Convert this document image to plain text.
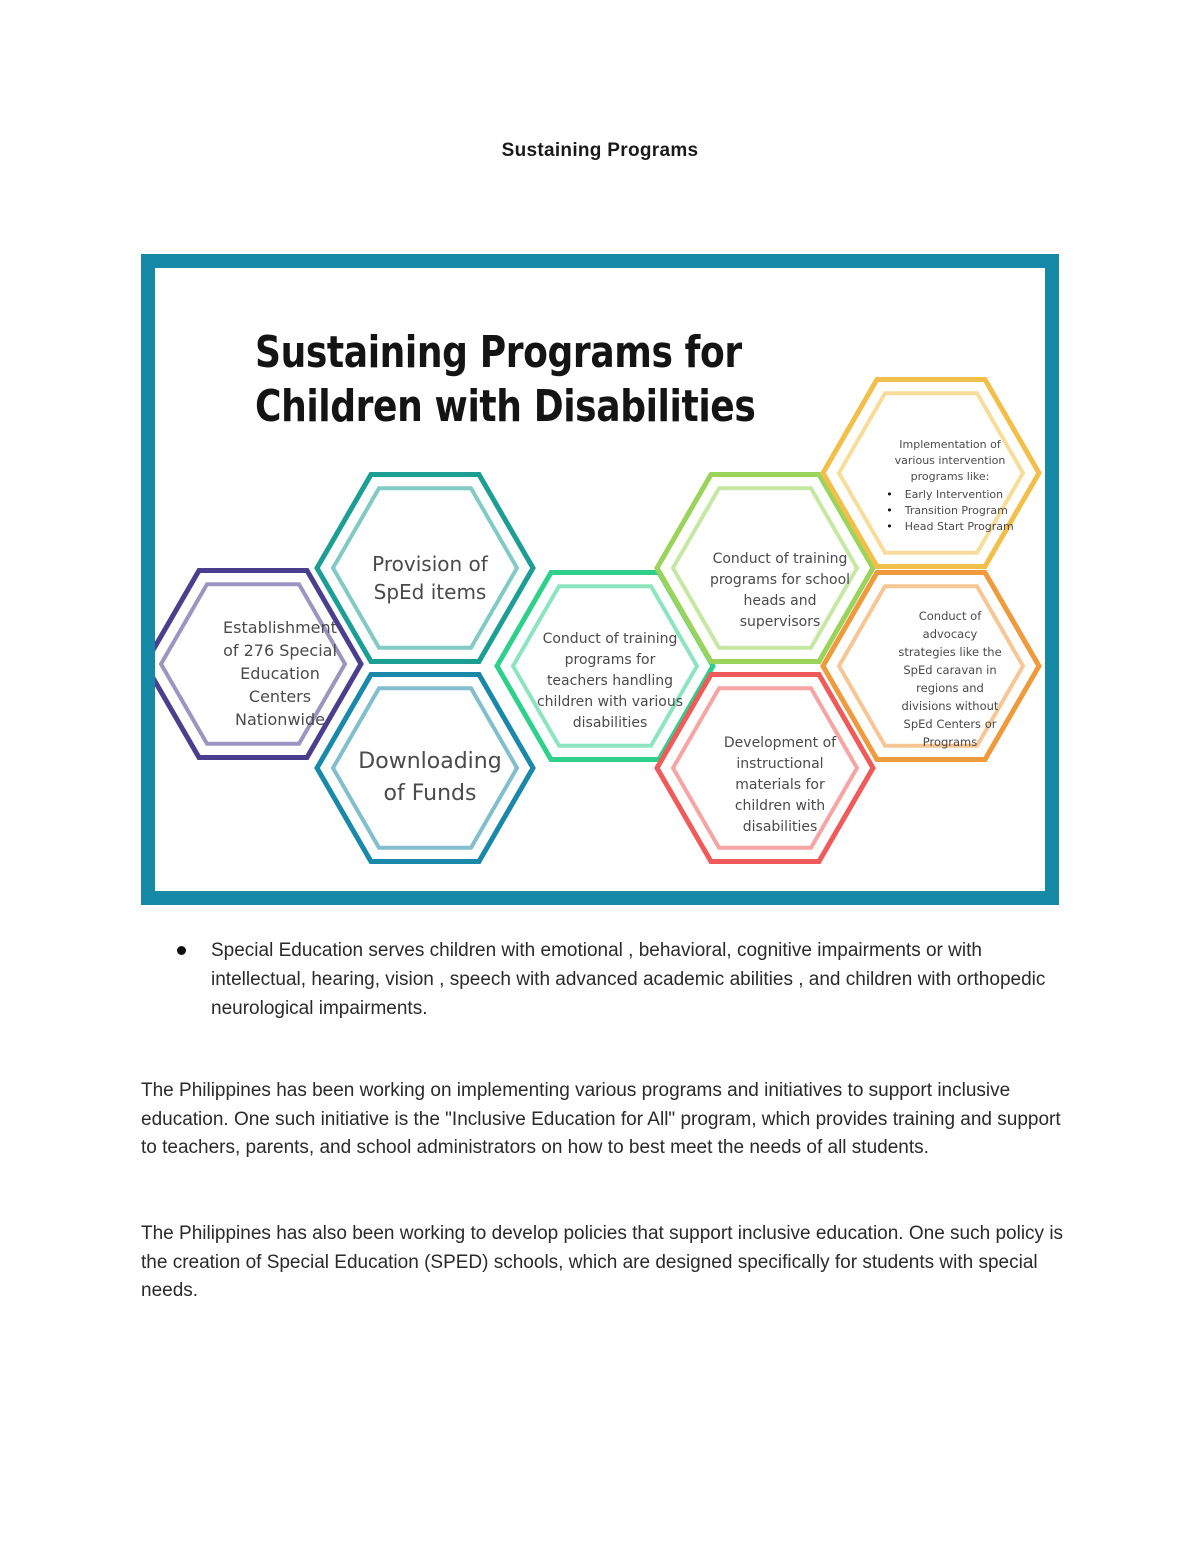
Sustaining Programs
Sustaining Programs for
Children with Disabilities
Establishment
of 276 Special
Education
Centers
Nationwide
Provision of
SpEd items
Downloading
of Funds
Conduct of training
programs for
teachers handling
children with various
disabilities
Conduct of training
programs for school
heads and
supervisors
Development of
instructional
materials for
children with
disabilities
Implementation of
various intervention
programs like:
• Early Intervention
• Transition Program
• Head Start Program
Conduct of
advocacy
strategies like the
SpEd caravan in
regions and
divisions without
SpEd Centers or
Programs
Special Education serves children with emotional , behavioral, cognitive impairments or with intellectual, hearing, vision , speech with advanced academic abilities , and children with orthopedic neurological impairments.

The Philippines has been working on implementing various programs and initiatives to support inclusive education. One such initiative is the "Inclusive Education for All" program, which provides training and support to teachers, parents, and school administrators on how to best meet the needs of all students.

The Philippines has also been working to develop policies that support inclusive education. One such policy is the creation of Special Education (SPED) schools, which are designed specifically for students with special needs.
